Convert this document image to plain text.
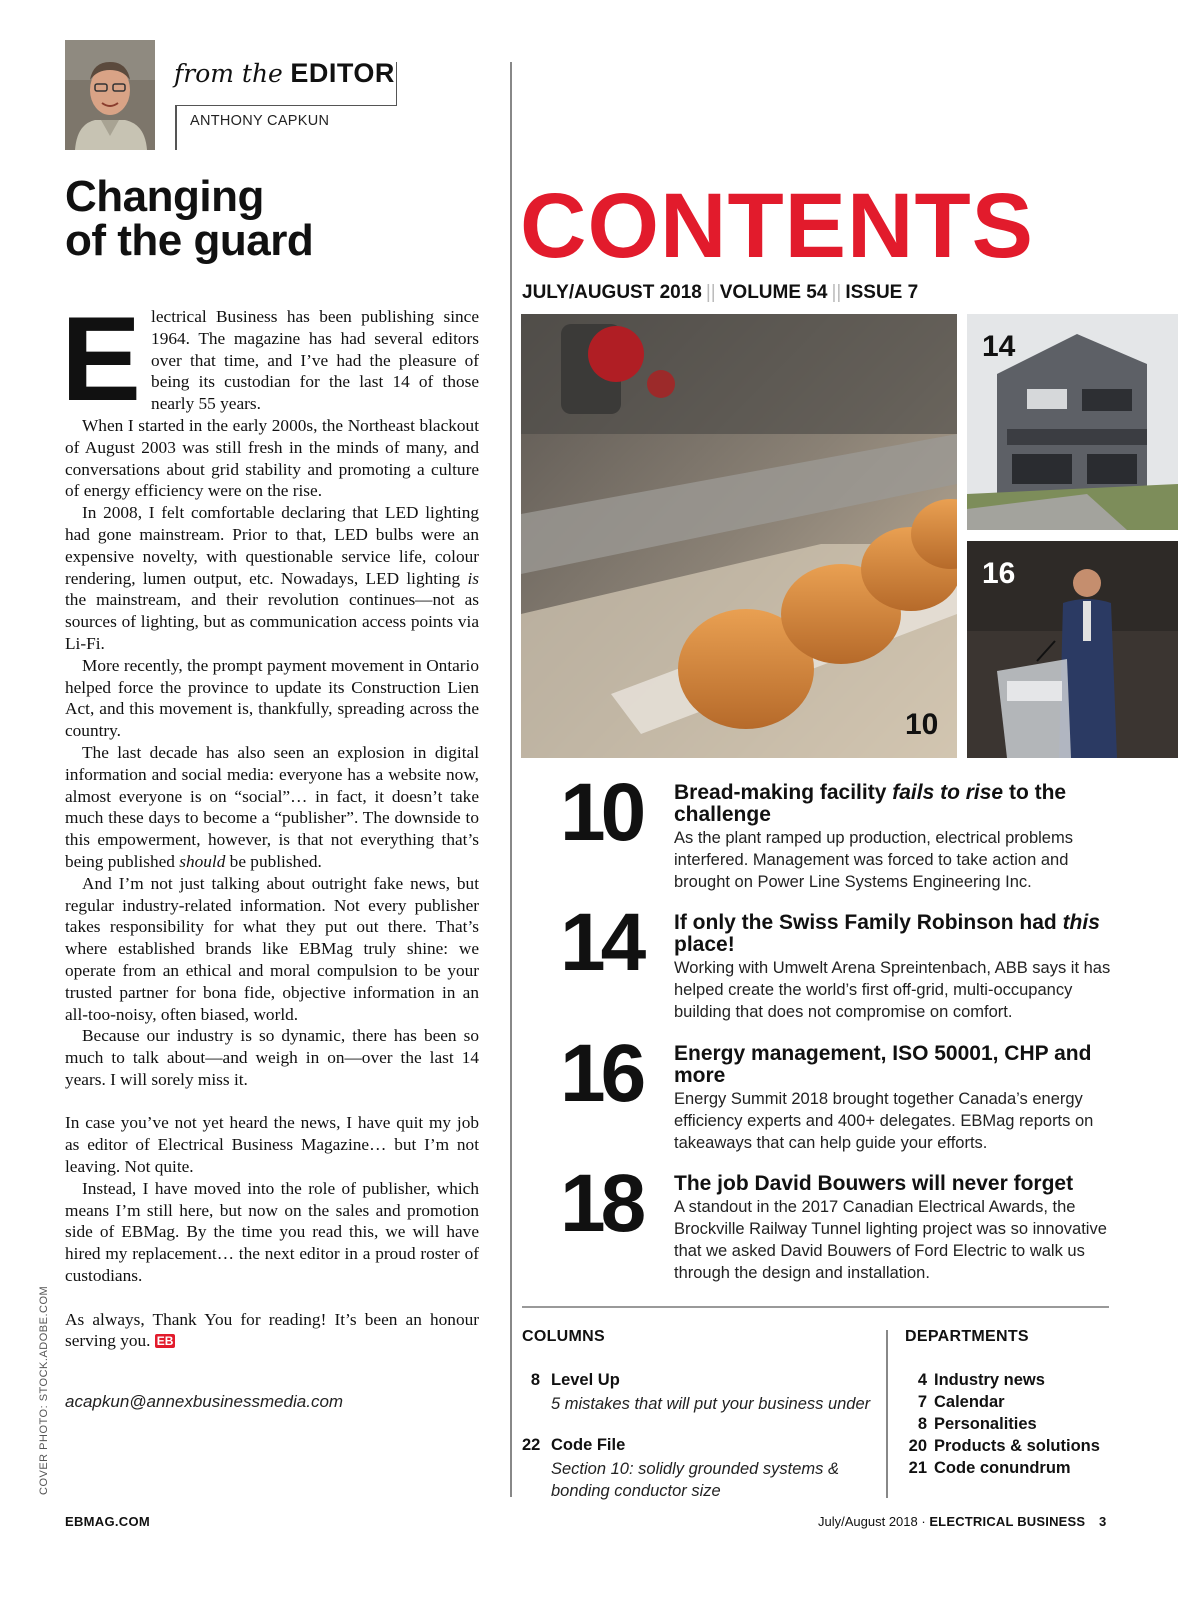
from the EDITOR
ANTHONY CAPKUN
Changing
of the guard

Electrical Business has been publishing since 1964. The magazine has had several editors over that time, and I’ve had the pleasure of being its custodian for the last 14 of those nearly 55 years.

When I started in the early 2000s, the Northeast blackout of August 2003 was still fresh in the minds of many, and conversations about grid stability and promoting a culture of energy efficiency were on the rise.

In 2008, I felt comfortable declaring that LED lighting had gone mainstream. Prior to that, LED bulbs were an expensive novelty, with questionable service life, colour rendering, lumen output, etc. Nowadays, LED lighting is the mainstream, and their revolution continues—not as sources of lighting, but as communication access points via Li-Fi.

More recently, the prompt payment movement in Ontario helped force the province to update its Construction Lien Act, and this movement is, thankfully, spreading across the country.

The last decade has also seen an explosion in digital information and social media: everyone has a website now, almost everyone is on “social”… in fact, it doesn’t take much these days to become a “publisher”. The downside to this empowerment, however, is that not everything that’s being published should be published.

And I’m not just talking about outright fake news, but regular industry-related information. Not every publisher takes responsibility for what they put out there. That’s where established brands like EBMag truly shine: we operate from an ethical and moral compulsion to be your trusted partner for bona fide, objective information in an all-too-noisy, often biased, world.

Because our industry is so dynamic, there has been so much to talk about—and weigh in on—over the last 14 years. I will sorely miss it.

In case you’ve not yet heard the news, I have quit my job as editor of Electrical Business Magazine… but I’m not leaving. Not quite.

Instead, I have moved into the role of publisher, which means I’m still here, but now on the sales and promotion side of EBMag. By the time you read this, we will have hired my replacement… the next editor in a proud roster of custodians.

As always, Thank You for reading! It’s been an honour serving you. EB

acapkun@annexbusinessmedia.com
COVER PHOTO: STOCK.ADOBE.COM
CONTENTS
JULY/AUGUST 2018 || VOLUME 54 || ISSUE 7
10
14
16
10 Bread-making facility fails to rise to the challenge
As the plant ramped up production, electrical problems interfered. Management was forced to take action and brought on Power Line Systems Engineering Inc.
14 If only the Swiss Family Robinson had this place!
Working with Umwelt Arena Spreintenbach, ABB says it has helped create the world’s first off-grid, multi-occupancy building that does not compromise on comfort.
16 Energy management, ISO 50001, CHP and more
Energy Summit 2018 brought together Canada’s energy efficiency experts and 400+ delegates. EBMag reports on takeaways that can help guide your efforts.
18 The job David Bouwers will never forget
A standout in the 2017 Canadian Electrical Awards, the Brockville Railway Tunnel lighting project was so innovative that we asked David Bouwers of Ford Electric to walk us through the design and installation.
COLUMNS
8 Level Up
5 mistakes that will put your business under
22 Code File
Section 10: solidly grounded systems & bonding conductor size
DEPARTMENTS
4 Industry news
7 Calendar
8 Personalities
20 Products & solutions
21 Code conundrum
EBMAG.COM	July/August 2018 · ELECTRICAL BUSINESS 3
